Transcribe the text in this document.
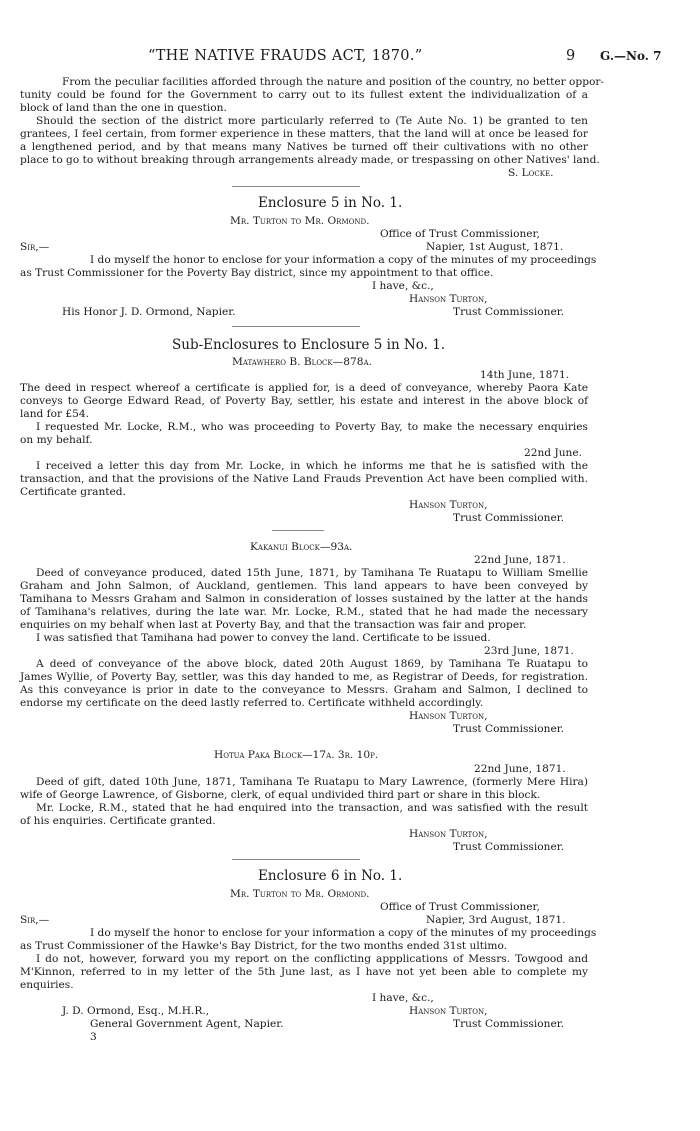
“THE NATIVE FRAUDS ACT, 1870.”	9 G.—No. 7
From the peculiar facilities afforded through the nature and position of the country, no better oppor-
tunity could be found for the Government to carry out to its fullest extent the individualization of a
block of land than the one in question.
Should the section of the district more particularly referred to (Te Aute No. 1) be granted to ten
grantees, I feel certain, from former experience in these matters, that the land will at once be leased for
a lengthened period, and by that means many Natives be turned off their cultivations with no other
place to go to without breaking through arrangements already made, or trespassing on other Natives' land.
S. Locke.
Enclosure 5 in No. 1.
Mr. Turton to Mr. Ormond.
Office of Trust Commissioner,
Sir,—	Napier, 1st August, 1871.
I do myself the honor to enclose for your information a copy of the minutes of my proceedings
as Trust Commissioner for the Poverty Bay district, since my appointment to that office.
I have, &c.,
Hanson Turton,
His Honor J. D. Ormond, Napier.	Trust Commissioner.
Sub-Enclosures to Enclosure 5 in No. 1.
Matawhero B. Block—878a.
14th June, 1871.
The deed in respect whereof a certificate is applied for, is a deed of conveyance, whereby Paora Kate
conveys to George Edward Read, of Poverty Bay, settler, his estate and interest in the above block of
land for £54.
I requested Mr. Locke, R.M., who was proceeding to Poverty Bay, to make the necessary enquiries
on my behalf.
22nd June.
I received a letter this day from Mr. Locke, in which he informs me that he is satisfied with the
transaction, and that the provisions of the Native Land Frauds Prevention Act have been complied with.
Certificate granted.
Hanson Turton,
Trust Commissioner.
Kakanui Block—93a.
22nd June, 1871.
Deed of conveyance produced, dated 15th June, 1871, by Tamihana Te Ruatapu to William Smellie
Graham and John Salmon, of Auckland, gentlemen. This land appears to have been conveyed by
Tamihana to Messrs Graham and Salmon in consideration of losses sustained by the latter at the hands
of Tamihana's relatives, during the late war. Mr. Locke, R.M., stated that he had made the necessary
enquiries on my behalf when last at Poverty Bay, and that the transaction was fair and proper.
I was satisfied that Tamihana had power to convey the land. Certificate to be issued.
23rd June, 1871.
A deed of conveyance of the above block, dated 20th August 1869, by Tamihana Te Ruatapu to
James Wyllie, of Poverty Bay, settler, was this day handed to me, as Registrar of Deeds, for registration.
As this conveyance is prior in date to the conveyance to Messrs. Graham and Salmon, I declined to
endorse my certificate on the deed lastly referred to. Certificate withheld accordingly.
Hanson Turton,
Trust Commissioner.
Hotua Paka Block—17a. 3r. 10p.
22nd June, 1871.
Deed of gift, dated 10th June, 1871, Tamihana Te Ruatapu to Mary Lawrence, (formerly Mere Hira)
wife of George Lawrence, of Gisborne, clerk, of equal undivided third part or share in this block.
Mr. Locke, R.M., stated that he had enquired into the transaction, and was satisfied with the result
of his enquiries. Certificate granted.
Hanson Turton,
Trust Commissioner.
Enclosure 6 in No. 1.
Mr. Turton to Mr. Ormond.
Office of Trust Commissioner,
Sir,—	Napier, 3rd August, 1871.
I do myself the honor to enclose for your information a copy of the minutes of my proceedings
as Trust Commissioner of the Hawke's Bay District, for the two months ended 31st ultimo.
I do not, however, forward you my report on the conflicting appplications of Messrs. Towgood and
M'Kinnon, referred to in my letter of the 5th June last, as I have not yet been able to complete my
enquiries.
I have, &c.,
J. D. Ormond, Esq., M.H.R.,	Hanson Turton,
General Government Agent, Napier.	Trust Commissioner.
3
